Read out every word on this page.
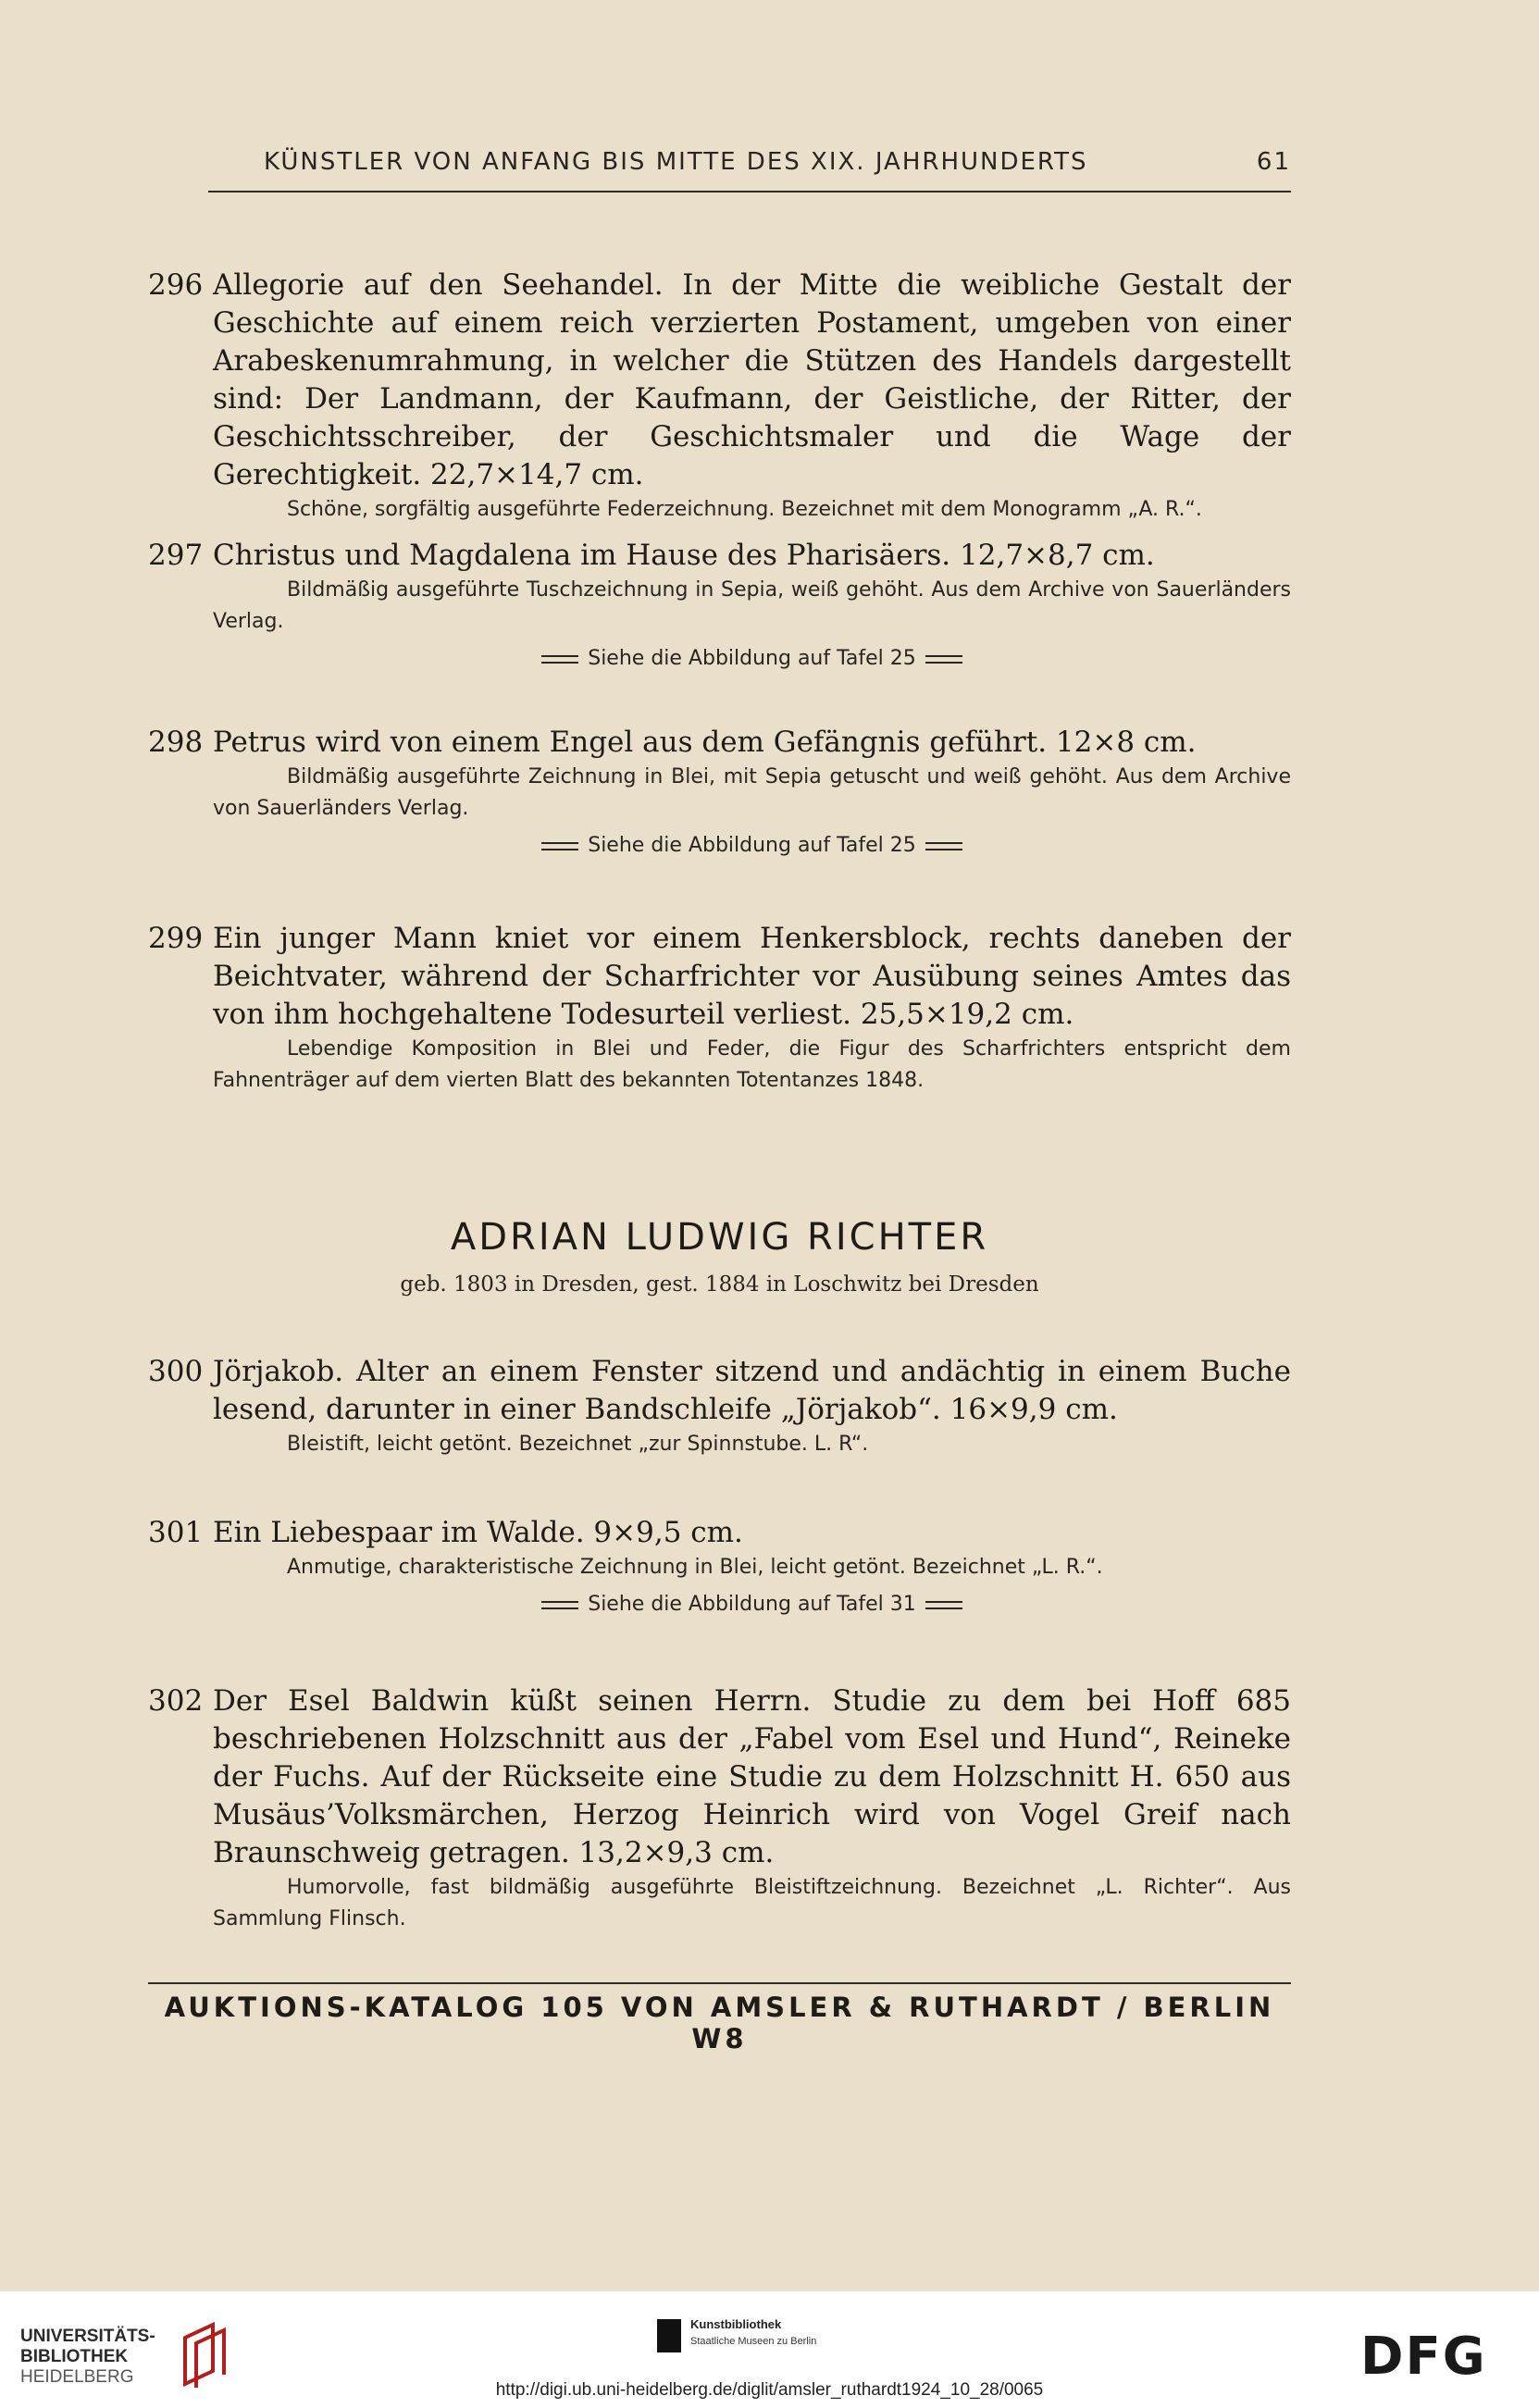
KÜNSTLER VON ANFANG BIS MITTE DES XIX. JAHRHUNDERTS	61
296 Allegorie auf den Seehandel. In der Mitte die weibliche Gestalt der Geschichte auf einem reich verzierten Postament, umgeben von einer Arabeskenumrahmung, in welcher die Stützen des Handels dargestellt sind: Der Landmann, der Kaufmann, der Geistliche, der Ritter, der Geschichtsschreiber, der Geschichtsmaler und die Wage der Gerechtigkeit. 22,7×14,7 cm.

Schöne, sorgfältig ausgeführte Federzeichnung. Bezeichnet mit dem Monogramm „A. R.“.

297 Christus und Magdalena im Hause des Pharisäers. 12,7×8,7 cm.

Bildmäßig ausgeführte Tuschzeichnung in Sepia, weiß gehöht. Aus dem Archive von Sauerländers Verlag.

Siehe die Abbildung auf Tafel 25
298 Petrus wird von einem Engel aus dem Gefängnis geführt. 12×8 cm.

Bildmäßig ausgeführte Zeichnung in Blei, mit Sepia getuscht und weiß gehöht. Aus dem Archive von Sauerländers Verlag.

Siehe die Abbildung auf Tafel 25
299 Ein junger Mann kniet vor einem Henkersblock, rechts daneben der Beichtvater, während der Scharfrichter vor Ausübung seines Amtes das von ihm hochgehaltene Todesurteil verliest. 25,5×19,2 cm.

Lebendige Komposition in Blei und Feder, die Figur des Scharfrichters entspricht dem Fahnenträger auf dem vierten Blatt des bekannten Totentanzes 1848.

ADRIAN LUDWIG RICHTER
geb. 1803 in Dresden, gest. 1884 in Loschwitz bei Dresden
300 Jörjakob. Alter an einem Fenster sitzend und andächtig in einem Buche lesend, darunter in einer Bandschleife „Jörjakob“. 16×9,9 cm.

Bleistift, leicht getönt. Bezeichnet „zur Spinnstube. L. R“.

301 Ein Liebespaar im Walde. 9×9,5 cm.

Anmutige, charakteristische Zeichnung in Blei, leicht getönt. Bezeichnet „L. R.“.

Siehe die Abbildung auf Tafel 31
302 Der Esel Baldwin küßt seinen Herrn. Studie zu dem bei Hoff 685 beschriebenen Holzschnitt aus der „Fabel vom Esel und Hund“, Reineke der Fuchs. Auf der Rückseite eine Studie zu dem Holzschnitt H. 650 aus Musäus’Volksmärchen, Herzog Heinrich wird von Vogel Greif nach Braunschweig getragen. 13,2×9,3 cm.

Humorvolle, fast bildmäßig ausgeführte Bleistiftzeichnung. Bezeichnet „L. Richter“. Aus Sammlung Flinsch.

AUKTIONS-KATALOG 105 VON AMSLER & RUTHARDT / BERLIN W8
UNIVERSITÄTS-
BIBLIOTHEK
HEIDELBERG
Kunstbibliothek
Staatliche Museen zu Berlin	DFG
http://digi.ub.uni-heidelberg.de/diglit/amsler_ruthardt1924_10_28/0065
